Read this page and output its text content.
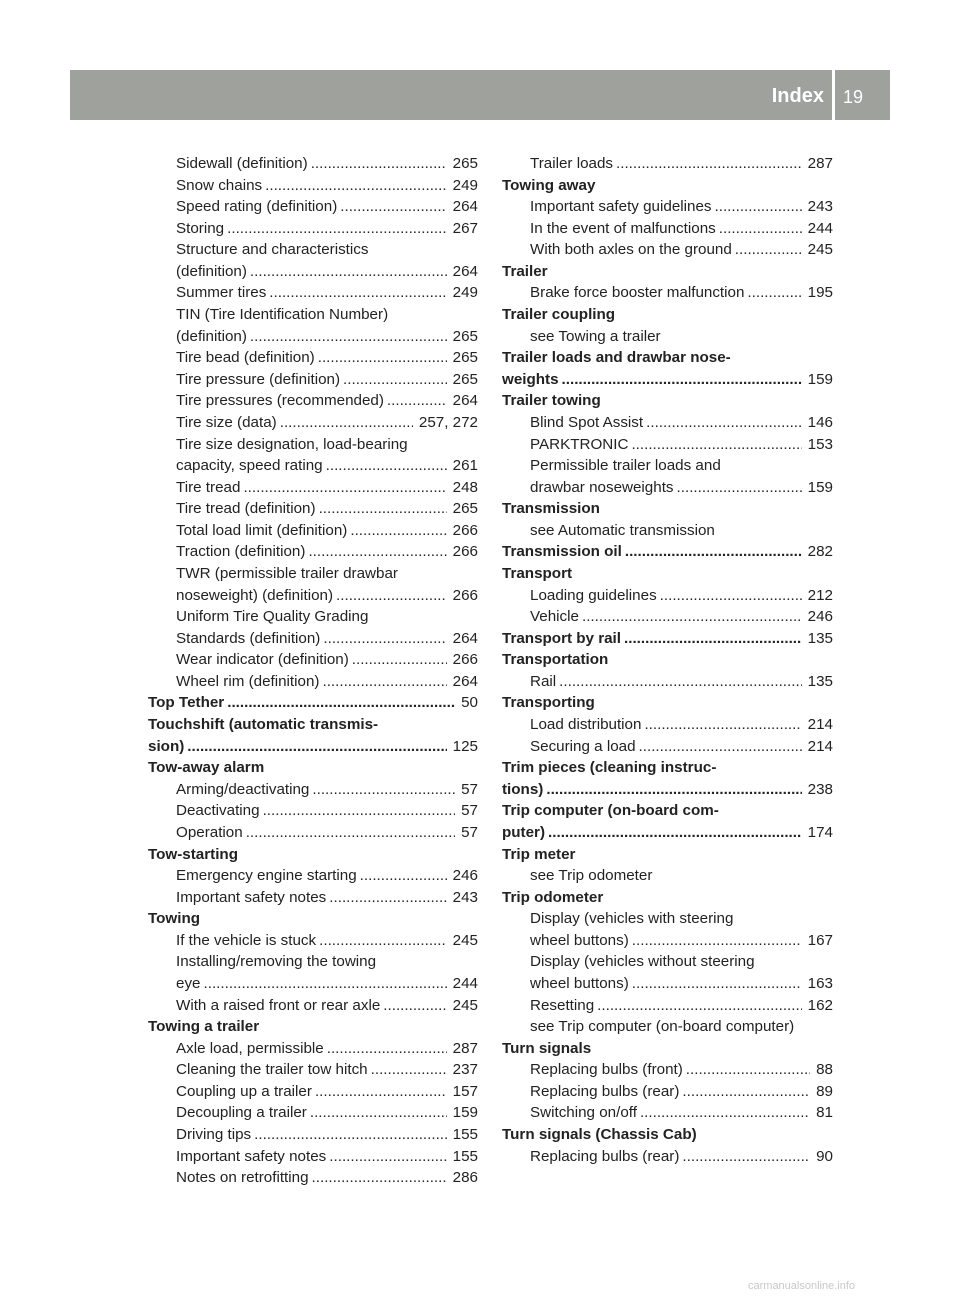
Index 19
Sidewall (definition) .....	265
Snow chains .....	249
Speed rating (definition) .....	264
Storing .....	267
Structure and characteristics
(definition) .....	264
Summer tires .....	249
TIN (Tire Identification Number)
(definition) .....	265
Tire bead (definition) .....	265
Tire pressure (definition) .....	265
Tire pressures (recommended) .....	264
Tire size (data) .....	257, 272
Tire size designation, load-bearing
capacity, speed rating .....	261
Tire tread .....	248
Tire tread (definition) .....	265
Total load limit (definition) .....	266
Traction (definition) .....	266
TWR (permissible trailer drawbar
noseweight) (definition) .....	266
Uniform Tire Quality Grading
Standards (definition) .....	264
Wear indicator (definition) .....	266
Wheel rim (definition) .....	264
Top Tether .....	50
Touchshift (automatic transmis-
sion) .....	125
Tow-away alarm
Arming/deactivating .....	57
Deactivating .....	57
Operation .....	57
Tow-starting
Emergency engine starting .....	246
Important safety notes .....	243
Towing
If the vehicle is stuck .....	245
Installing/removing the towing
eye .....	244
With a raised front or rear axle .....	245
Towing a trailer
Axle load, permissible .....	287
Cleaning the trailer tow hitch .....	237
Coupling up a trailer .....	157
Decoupling a trailer .....	159
Driving tips .....	155
Important safety notes .....	155
Notes on retrofitting .....	286
Trailer loads .....	287
Towing away
Important safety guidelines .....	243
In the event of malfunctions .....	244
With both axles on the ground .....	245
Trailer
Brake force booster malfunction .....	195
Trailer coupling
see Towing a trailer
Trailer loads and drawbar nose-
weights .....	159
Trailer towing
Blind Spot Assist .....	146
PARKTRONIC .....	153
Permissible trailer loads and
drawbar noseweights .....	159
Transmission
see Automatic transmission
Transmission oil .....	282
Transport
Loading guidelines .....	212
Vehicle .....	246
Transport by rail .....	135
Transportation
Rail .....	135
Transporting
Load distribution .....	214
Securing a load .....	214
Trim pieces (cleaning instruc-
tions) .....	238
Trip computer (on-board com-
puter) .....	174
Trip meter
see Trip odometer
Trip odometer
Display (vehicles with steering
wheel buttons) .....	167
Display (vehicles without steering
wheel buttons) .....	163
Resetting .....	162
see Trip computer (on-board computer)
Turn signals
Replacing bulbs (front) .....	88
Replacing bulbs (rear) .....	89
Switching on/off .....	81
Turn signals (Chassis Cab)
Replacing bulbs (rear) .....	90
carmanualsonline.info
